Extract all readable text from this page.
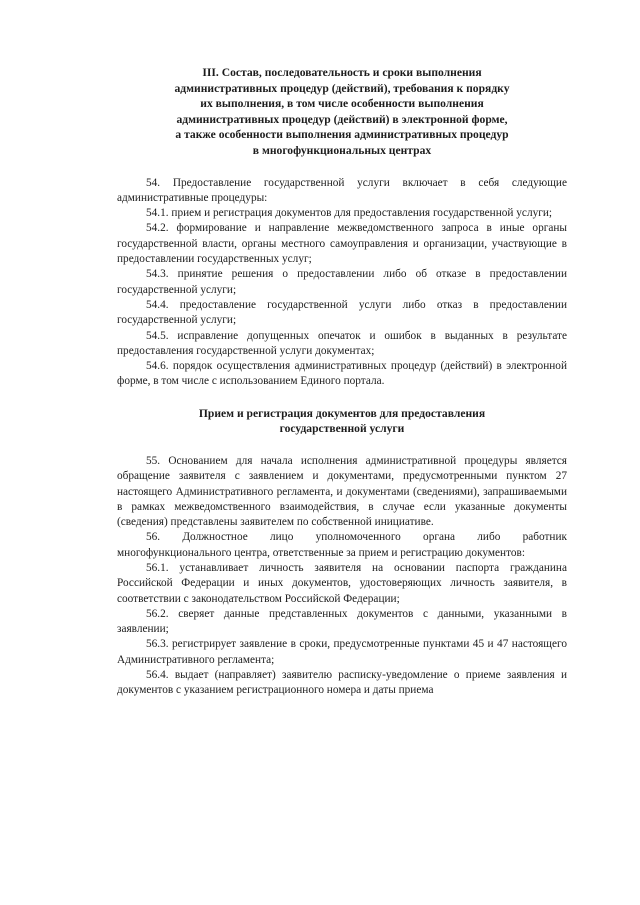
III. Состав, последовательность и сроки выполнения
административных процедур (действий), требования к порядку
их выполнения, в том числе особенности выполнения
административных процедур (действий) в электронной форме,
а также особенности выполнения административных процедур
в многофункциональных центрах

54. Предоставление государственной услуги включает в себя следующие административные процедуры:

54.1. прием и регистрация документов для предоставления государственной услуги;

54.2. формирование и направление межведомственного запроса в иные органы государственной власти, органы местного самоуправления и организации, участвующие в предоставлении государственных услуг;

54.3. принятие решения о предоставлении либо об отказе в предоставлении государственной услуги;

54.4. предоставление государственной услуги либо отказ в предоставлении государственной услуги;

54.5. исправление допущенных опечаток и ошибок в выданных в результате предоставления государственной услуги документах;

54.6. порядок осуществления административных процедур (действий) в электронной форме, в том числе с использованием Единого портала.

Прием и регистрация документов для предоставления
государственной услуги

55. Основанием для начала исполнения административной процедуры является обращение заявителя с заявлением и документами, предусмотренными пунктом 27 настоящего Административного регламента, и документами (сведениями), запрашиваемыми в рамках межведомственного взаимодействия, в случае если указанные документы (сведения) представлены заявителем по собственной инициативе.

56. Должностное лицо уполномоченного органа либо работник многофункционального центра, ответственные за прием и регистрацию документов:

56.1. устанавливает личность заявителя на основании паспорта гражданина Российской Федерации и иных документов, удостоверяющих личность заявителя, в соответствии с законодательством Российской Федерации;

56.2. сверяет данные представленных документов с данными, указанными в заявлении;

56.3. регистрирует заявление в сроки, предусмотренные пунктами 45 и 47 настоящего Административного регламента;

56.4. выдает (направляет) заявителю расписку-уведомление о приеме заявления и документов с указанием регистрационного номера и даты приема
